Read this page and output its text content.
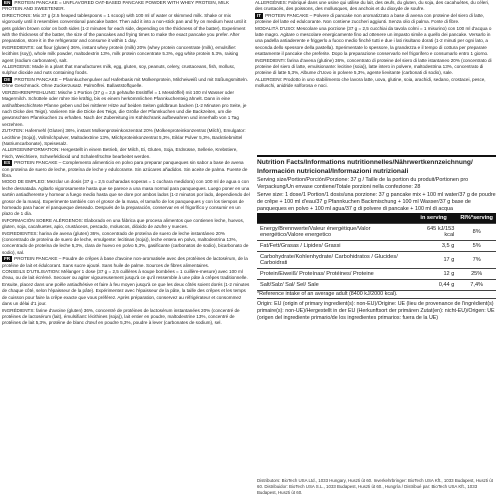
EN PROTEIN PANCAKE = UNFLAVORED OAT-BASED PANCAKE POWDER WITH WHEY PROTEIN, MILK PROTEIN AND SWEETENER.

DIRECTIONS: Mix 37 g (2.5 heaped tablespoons = 1 scoop) with 100 ml of water or skimmed milk. Shake or mix vigorously until it resembles conventional pancake batter. Then add it into a non-stick pan and fry on medium heat until it gets golden brown color on both sides (1-2 minutes for each side, depending on the thickness of the batter). Experiment with the thickness of the batter, the size of the pancakes and frying times to make the exact pancake you prefer. After preparation, store it in the refrigerator and consume it within 1 day.

INGREDIENTS: oat flour (gluten) 36%, instant whey protein (milk) 20% (whey protein concentrate (milk), emulsifier: lecithins (soy)), whole milk powder, maltodextrin 13%, milk protein concentrate 5.3%, egg white protein 5.3%, raising agent (sodium carbonates), salt.

ALLERGENS: Made in a plant that manufactures milk, egg, gluten, soy, peanuts, celery, crustaceans, fish, mollusc, sulphur dioxide and nuts containing foods.

DE PROTEIN PANCAKE – Pfannkuchenpulver auf Haferbasis mit Molkenprotein, Milcheiweiß und mit Süßungsmitteln. Ohne Geschmack. Ohne Zuckerzusatz. Palmölfrei. Ballaststoffquelle.

VERZEHRENPFEHLUNG: Mische 1 Portion (37 g = 2,5 gehäufte Esslöffel = 1 Messlöffel) mit 100 ml Wasser oder Magermilch. Schüttele oder rühre Sie kräftig, bis es einem herkömmlichen Pfannkuchenteig ähnelt. Dann in eine antihaftbeschichtete Pfanne geben und bei mittlerer Hitze auf beiden Seiten goldbraun backen (1-2 Minuten pro Seite, je nach Dicke des Teigs). Variieren Sie die Dicke des Teigs, die Größe der Pfannkuchen und die Backzeiten, um die gewünschten Pfannkuchen zu erhalten. Nach der Zubereitung im Kühlschrank aufbewahren und innerhalb von 1 Tag verzehren.

ZUTATEN: Hafermehl (Gluten) 36%, instant Molkenproteinkonzentrat 20% (Molkenproteinkonzentrat (Milch), Emulgator: Lecithine (Soja)), Vollmilchpulver, Maltodextrine 13%, Milchproteinkonzentrat 5,3%, Eiklar Pulver 5,3%, Backtriebmittel (Natriumcarbonate), Speisesalz.

ALLERGENINFORMATION: Hergestellt in einem Betrieb, der Milch, Ei, Gluten, Soja, Erdnüsse, Sellerie, Krebstiere, Fisch, Weichtiere, Schwefeldioxid und Schalenfrüchte bearbeitet werden.

ES PROTEIN PANCAKE – Complemento alimenticio en polvo para preparar panqueques sin sabor a base de avena con proteína de suero de leche, proteína de leche y edulcorante. Sin azúcares añadidos. Sin aceite de palma. Fuente de fibra.

MODO DE EMPLEO: Mezclar un dosis (37 g = 2,5 cucharadas soperas = 1 cuchara medidora) con 100 ml de agua o con leche desnatada. Agitarlo vigorosamente hasta que se parece a una masa normal para panqueques. Luego poner en una sartén antiadherente y hornear a fuego medio hasta que se dore por ambos lados (1-2 minutos por lado, dependiendo del grosor de la masa). Experimente también con el grosor de la masa, el tamaño de los panqueques y con los tiempos de horneado para hacer el panqueque deseado. Después de la preparación, conservar en el frigorífico y consumir en un plazo de 1 día.

INFORMACIÓN SOBRE ALÉRGENOS: Elaborado en una fábrica que procesa alimentos que contienen leche, huevos, gluten, soja, cacahuetes, apio, crustáceos, pescado, moluscos, dióxido de azufre y nueces.

INGREDIENTES: harina de avena (gluten) 36%, concentrado de proteína de suero de leche instantáneo 20% (concentrado de proteína de suero de leche, emulgente: lecitinas (soja)), leche entera en polvo, maltodextrina 13%, concentrado de proteína de leche 5,3%, clara de huevo en polvo 5,3%, gasificante (carbonatos de sodio), bicarbonato de sodio), sal.

FR PROTEIN PANCAKE – Poudre de crêpes à base d'avoine non-aromatisée avec des protéines de lactosérum, de la protéine de lait et édulcorant. Sans sucre ajouté. Sans huile de palme. Sources de fibres alimentaires.

CONSEILS D'UTILISATION: Mélanger 1 dose (37 g = 2,5 cuillères à soupe bombées = 1 cuillère-mesure) avec 100 ml d'eau, ou de lait écrémé. Secouer ou agiter vigoureusement jusqu'à ce qu'il ressemble à une pâte à crêpes traditionnelle. Ensuite, placez dans une poêle antiadhésive et faire à feu moyen jusqu'à ce que les deux côtés soient dorés (1-2 minutes de chaque côté, selon l'épaisseur de la pâte). Expérimentez avec l'épaisseur de la pâte, la taille des crêpes et les temps de cuisson pour faire la crêpe exacte que vous préférez. Après préparation, conservez au réfrigérateur et consommez dans un délai d'1 jour.

INGRÉDIENTS: farine d'avoine (gluten) 36%, concentré de protéines de lactosérum instantanées 20% (concentré de protéines de lactosérum (lait), émulsifiant: lécithines (soja)), lait entier en poudre, maltodextrine 13%, concentré de protéines de lait 5,3%, protéine de blanc d'œuf en poudre 5,3%, poudre à lever (carbonates de sodium), sel.

ALLERGÈNES: Fabriqué dans une usine qui utilise du lait, des œufs, du gluten, du soja, des cacahuètes, du céleri, des crustacés, des poissons, des mollusques, des anchois et du dioxyde de soufre.

IT PROTEIN PANCAKE – Polvere di pancake non aromatizzato a base di avena con proteine del siero di latte, proteine del latte ed edulcorante. Non contiene zuccheri aggiunti. Senza olio di palma. Fonte di fibre.

MODALITÀ D'USO: Mescolare una porzione (37 g = 2,5 cucchiai da tavola colmi = 1 misurino) con 100 ml d'acqua o latte magro. Agitare o mescolare energicamente fino ad ottenere un impasto simile a quello dei pancake. Versarlo in una padella antiaderente e friggerlo a fuoco medio finché tutti e due i lati risultano dorati (1-2 minuti per ogni lato, a seconda dello spessore della pastella). Sperimentate lo spessore, la grandezza e il tempo di cottura per preparare esattamente il pancake che preferite. Dopo la preparazione conservarlo nel frigorifero e consumarlo entro 1 giorno.

INGREDIENTI: farina d'avena (glutine) 36%, concentrato di proteine del siero di latte istantaneo 20% (concentrato di proteine del siero di latte, emulsionante: lecitine (soia)), latte intero in polvere, maltodestrina 13%, concentrato di proteine di latte 5,3%, Albume d'Uovo in polvere 5,3%, agente lievitante (carbonati di sodio), sale.

ALLERGENI: Prodotto in uno stabilimento che lavora latte, uova, glutine, soia, arachidi, sedano, crostacei, pesce, molluschi, anidride solforosa e noci.

Nutrition Facts/Informations nutritionnelles/Nährwertkennzeichnung/ Información nutricional/Informazioni nutrizionali
Serving size/Portion/Porción/Porzione: 37 g / Taille de la portion du produit/Portionen pro Verpackung/Un envase contiene/Totale porzioni nella confezione: 28
Serve size: 1 dose/1 Portion/1 dosis/una porzione: 37 g pancake mix + 100 ml water/37 g de poudre de crêpe + 100 ml d'eau/37 g Pfannkuchen Backmischung + 100 ml Wasser/37 g base de panqueques en polvo + 100 ml agua/37 g di polvere di pancake + 100 ml di acqua
	in serving	RI%*serving
Energy/Brennwerte/Valeur énergétique/Valor energético/Valore energetico	645 kJ/153 kcal	8%
Fat/Fett/Grasas / Lipides/ Grassi	3,5 g	5%
Carbohydrate/Kohlenhydrate/ Carbohidratos / Glucides/ Carboidrati	17 g	7%
Protein/Eiweiß/ Proteínas/ Protéines/ Proteine	12 g	25%
Salt/Salz/ Sal/ Sel/ Sale	0,44 g	7,4%
*Reference intake of an average adult (8400 kJ/2000 kcal).
Origin: EU (origin of primary ingredient(s): non-EU)/Origine: UE (lieu de provenance de l'ingrédient(s) primaire(s): non-UE)/Hergestellt in der EU (Herkunftsort der primären Zutat(en): nicht-EU)/Origen: UE (origen del ingrediente primario/de los ingredientes primarios: fuera de la UE)
Distributors: BioTech USA Ltd., 1033 Hungary, Huszti út 60. Inverkehrbringer: BioTech USA Kft., 1033 Budapest, Huszti út 60. Distribuidor: BioTech USA S.L., 1033 Budapest, Huszti út 60., Hungría / Distribué par: BioTech USA Kft., 1033 Budapest, Huszti út 60.
